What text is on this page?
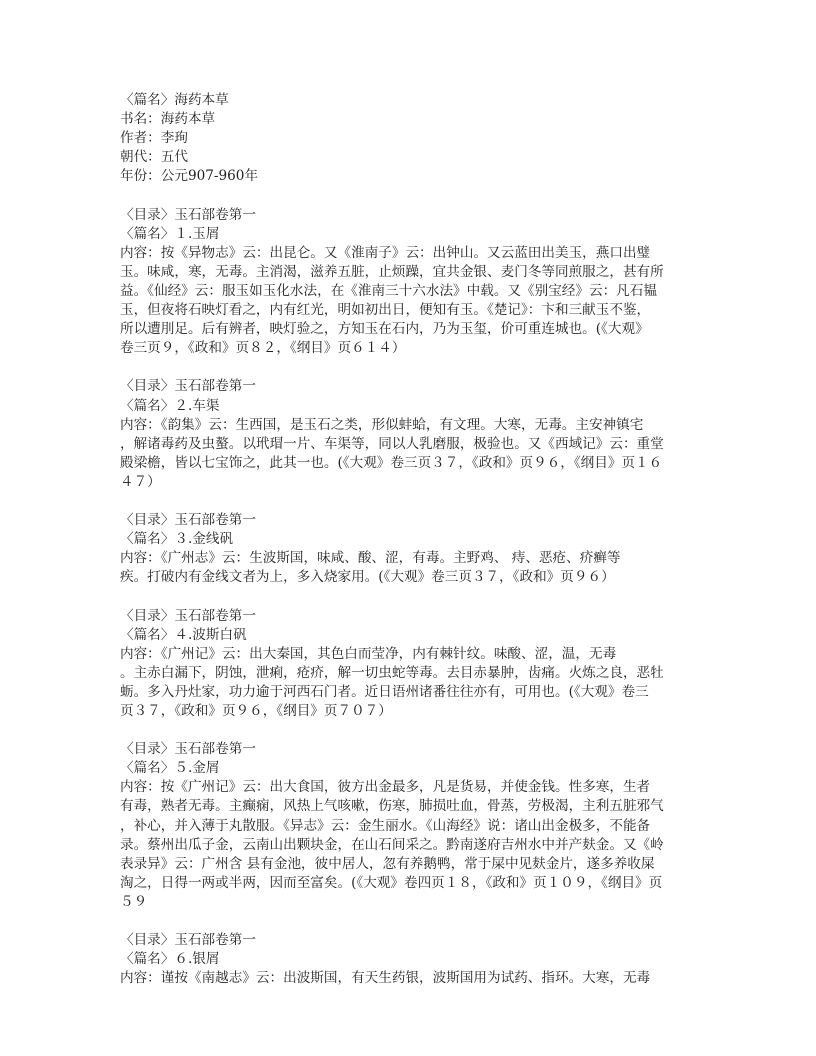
〈篇名〉海药本草
书名：海药本草
作者：李珣
朝代：五代
年份：公元907-960年
〈目录〉玉石部卷第一
〈篇名〉１.玉屑
内容：按《异物志》云：出昆仑。又《淮南子》云：出钟山。又云蓝田出美玉，燕口出璧
玉。味咸，寒，无毒。主消渴，滋养五脏，止烦躁，宜共金银、麦门冬等同煎服之，甚有所
益。《仙经》云：服玉如玉化水法，在《淮南三十六水法》中载。又《别宝经》云：凡石韫
玉，但夜将石映灯看之，内有红光，明如初出日，便知有玉。《楚记》：卞和三献玉不鉴，
所以遭刖足。后有辨者，映灯验之，方知玉在石内，乃为玉玺，价可重连城也。(《大观》
卷三页９，《政和》页８２，《纲目》页６１４）
〈目录〉玉石部卷第一
〈篇名〉２.车渠
内容：《韵集》云：生西国，是玉石之类，形似蚌蛤，有文理。大寒，无毒。主安神镇宅
，解诸毒药及虫螯。以玳瑁一片、车渠等，同以人乳磨服，极验也。又《西域记》云：重堂
殿梁檐，皆以七宝饰之，此其一也。(《大观》卷三页３７，《政和》页９６，《纲目》页１６
４７）
〈目录〉玉石部卷第一
〈篇名〉３.金线矾
内容：《广州志》云：生波斯国，味咸、酸、涩，有毒。主野鸡、 痔、恶疮、疥癣等
疾。打破内有金线文者为上，多入烧家用。(《大观》卷三页３７，《政和》页９６）
〈目录〉玉石部卷第一
〈篇名〉４.波斯白矾
内容：《广州记》云：出大秦国，其色白而莹净，内有棘针纹。味酸、涩，温，无毒
。主赤白漏下，阴蚀，泄痢，疮疥，解一切虫蛇等毒。去目赤暴肿，齿痛。火炼之良，恶牡
蛎。多入丹灶家，功力逾于河西石门者。近日语州诸番往往亦有，可用也。(《大观》卷三
页３７，《政和》页９６，《纲目》页７０７）
〈目录〉玉石部卷第一
〈篇名〉５.金屑
内容：按《广州记》云：出大食国，彼方出金最多，凡是货易，并使金钱。性多寒，生者
有毒，熟者无毒。主癫痫，风热上气咳嗽，伤寒，肺损吐血，骨蒸，劳极渴，主利五脏邪气
，补心，并入薄于丸散服。《异志》云：金生丽水。《山海经》说：诸山出金极多，不能备
录。蔡州出瓜子金，云南山出颗块金，在山石间采之。黔南遂府吉州水中并产麸金。又《岭
表录异》云：广州含 县有金池，彼中居人，忽有养鹅鸭，常于屎中见麸金片，遂多养收屎
淘之，日得一两或半两，因而至富矣。(《大观》卷四页１８，《政和》页１０９，《纲目》页
５９
〈目录〉玉石部卷第一
〈篇名〉６.银屑
内容：谨按《南越志》云：出波斯国，有天生药银，波斯国用为试药、指环。大寒，无毒
